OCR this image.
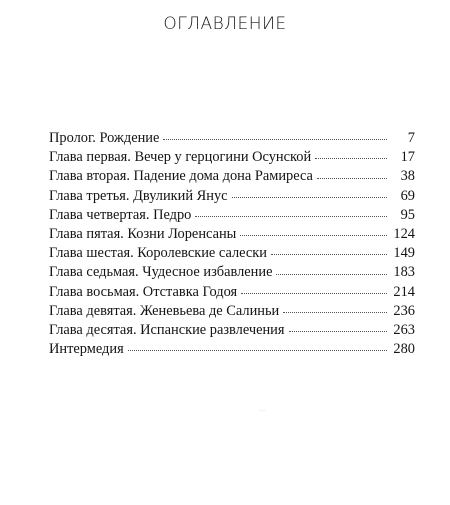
ОГЛАВЛЕНИЕ
~
Пролог. Рождение	7
Глава первая. Вечер у герцогини Осунской	17
Глава вторая. Падение дома дона Рамиреса	38
Глава третья. Двуликий Янус	69
Глава четвертая. Педро	95
Глава пятая. Козни Лоренсаны	124
Глава шестая. Королевские салески	149
Глава седьмая. Чудесное избавление	183
Глава восьмая. Отставка Годоя	214
Глава девятая. Женевьева де Салиньи	236
Глава десятая. Испанские развлечения	263
Интермедия	280
